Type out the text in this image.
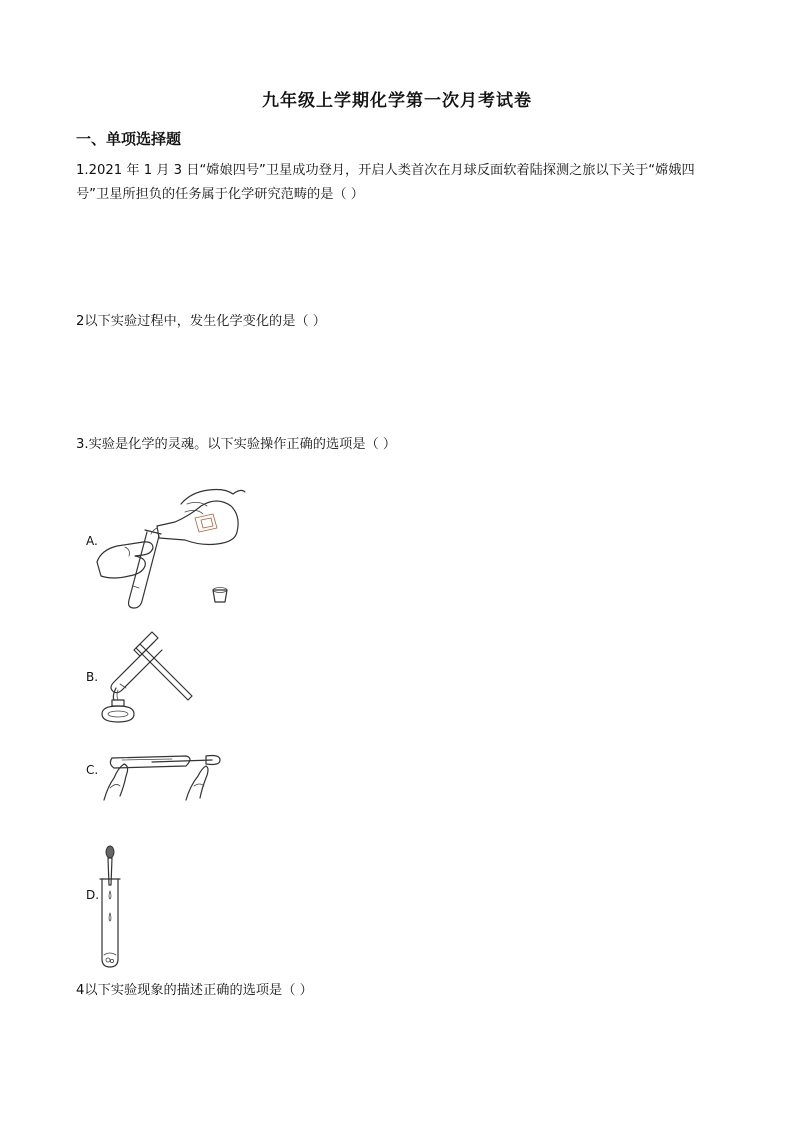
九年级上学期化学第一次月考试卷
一、单项选择题
1.2021 年 1 月 3 日“嫦娘四号”卫星成功登月，开启人类首次在月球反面软着陆探测之旅以下关于“嫦娥四
号”卫星所担负的任务属于化学研究范畴的是（ ）
2以下实验过程中，发生化学变化的是（ ）
3.实验是化学的灵魂。以下实验操作正确的选项是（ ）
A.
B.
C.
D.
4以下实验现象的描述正确的选项是（ ）
